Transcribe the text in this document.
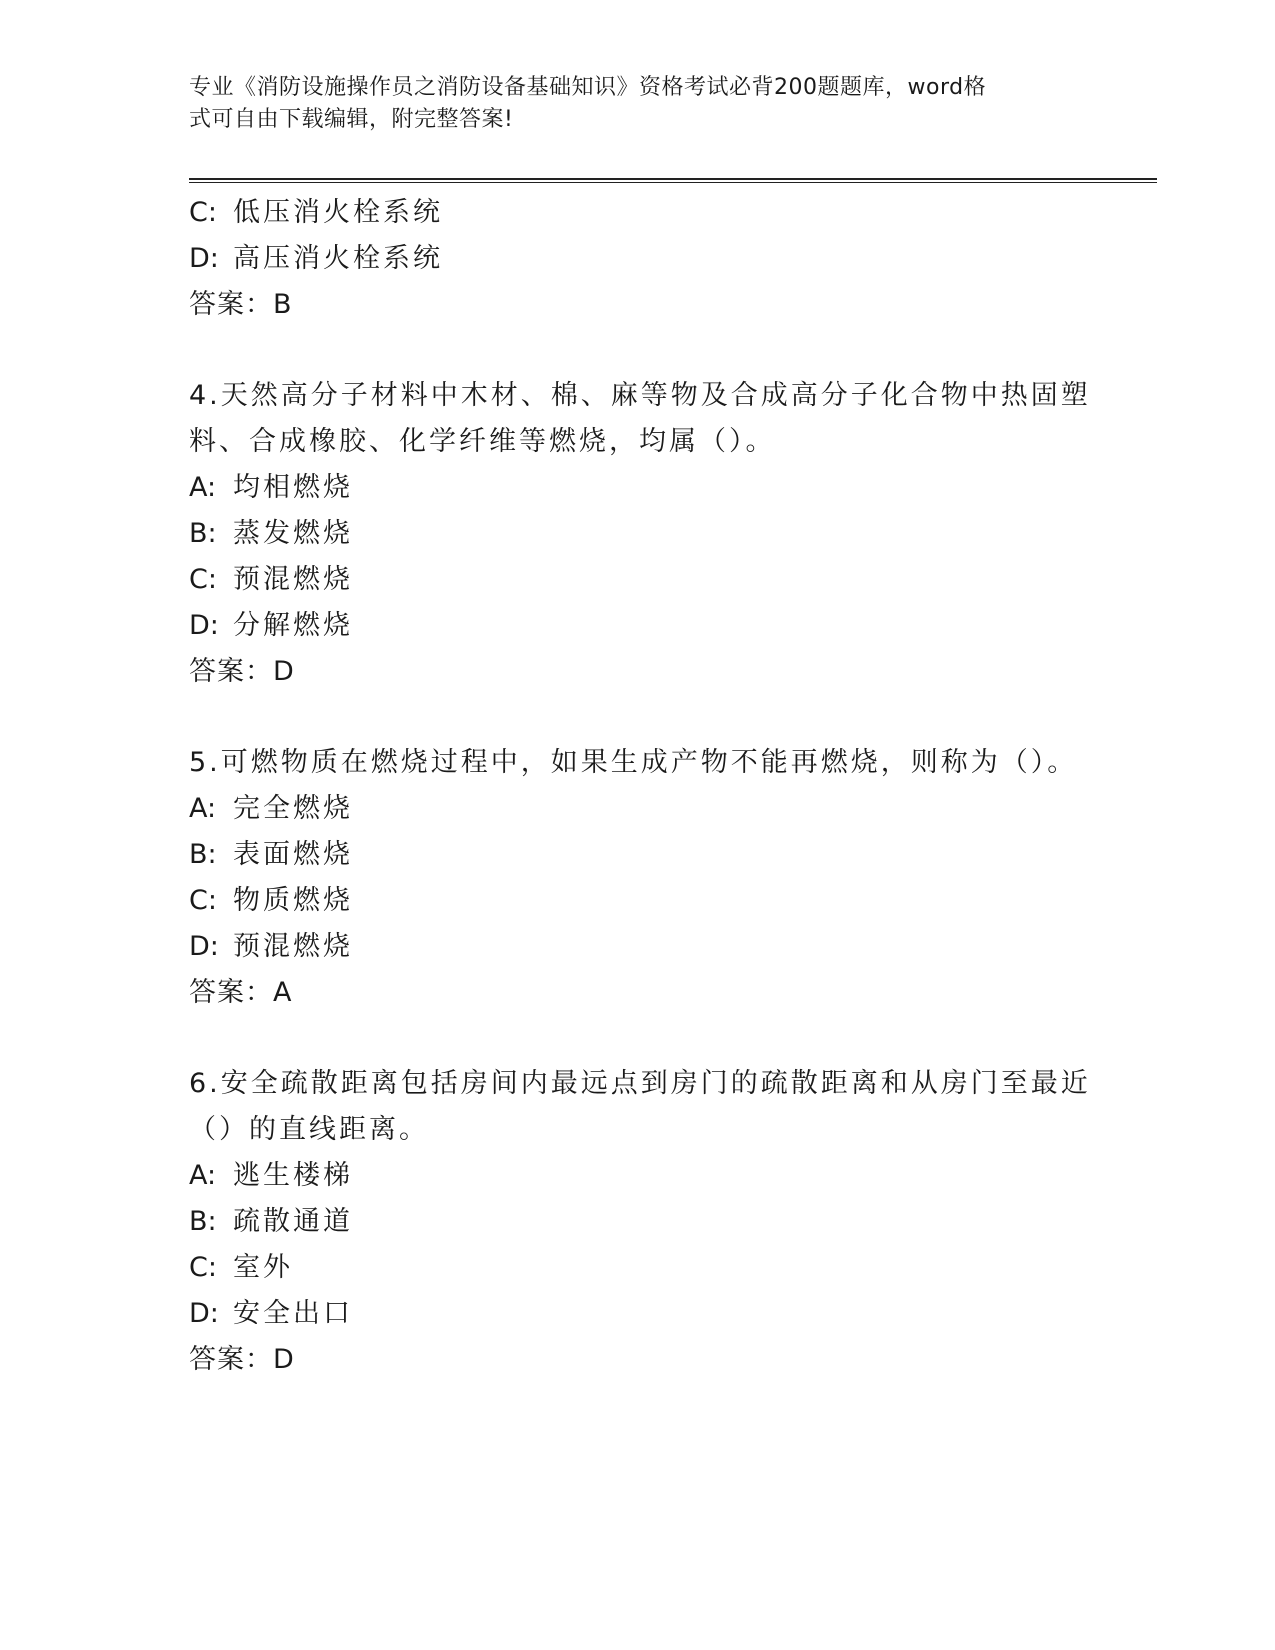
专业《消防设施操作员之消防设备基础知识》资格考试必背200题题库，word格
式可自由下载编辑，附完整答案!
C: 低压消火栓系统
D: 高压消火栓系统
答案：B
4.天然高分子材料中木材、棉、麻等物及合成高分子化合物中热固塑
料、合成橡胶、化学纤维等燃烧，均属（）。
A: 均相燃烧
B: 蒸发燃烧
C: 预混燃烧
D: 分解燃烧
答案：D
5.可燃物质在燃烧过程中，如果生成产物不能再燃烧，则称为（）。
A: 完全燃烧
B: 表面燃烧
C: 物质燃烧
D: 预混燃烧
答案：A
6.安全疏散距离包括房间内最远点到房门的疏散距离和从房门至最近
（）的直线距离。
A: 逃生楼梯
B: 疏散通道
C: 室外
D: 安全出口
答案：D
